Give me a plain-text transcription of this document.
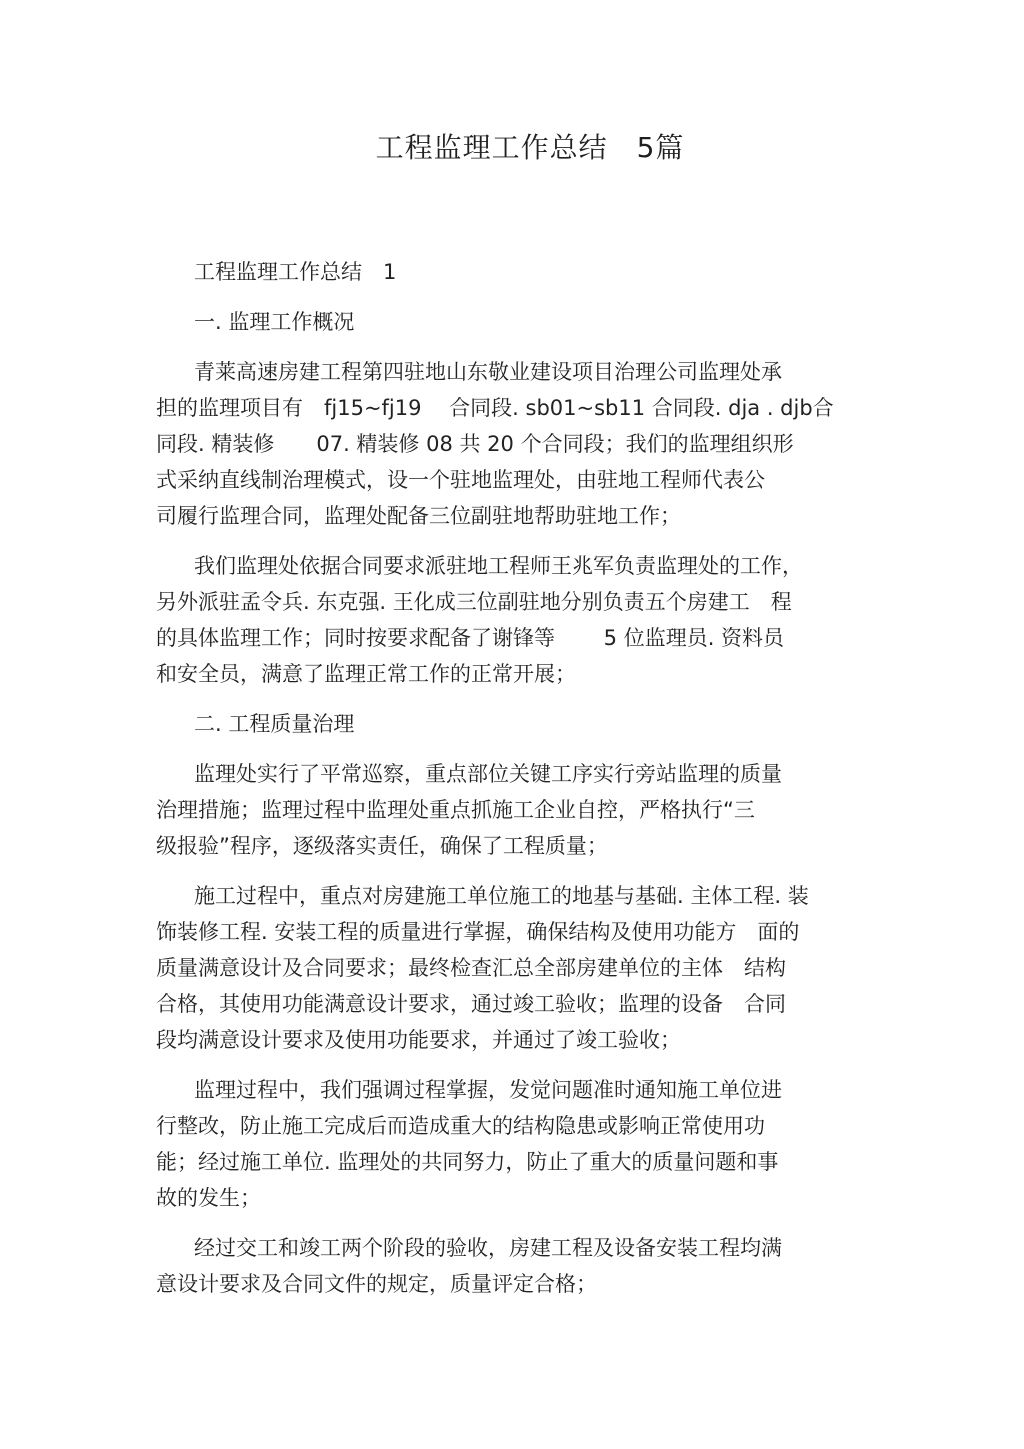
工程监理工作总结　5篇
工程监理工作总结　1
一. 监理工作概况
青莱高速房建工程第四驻地山东敬业建设项目治理公司监理处承
担的监理项目有　fj15~fj19　 合同段. sb01~sb11 合同段. dja . djb合
同段. 精装修　　07. 精装修 08 共 20 个合同段；我们的监理组织形
式采纳直线制治理模式，设一个驻地监理处，由驻地工程师代表公
司履行监理合同，监理处配备三位副驻地帮助驻地工作；
我们监理处依据合同要求派驻地工程师王兆军负责监理处的工作，
另外派驻孟令兵. 东克强. 王化成三位副驻地分别负责五个房建工　程
的具体监理工作；同时按要求配备了谢锋等　　 5 位监理员. 资料员
和安全员，满意了监理正常工作的正常开展；
二. 工程质量治理
监理处实行了平常巡察，重点部位关键工序实行旁站监理的质量
治理措施；监理过程中监理处重点抓施工企业自控，严格执行“三
级报验”程序，逐级落实责任，确保了工程质量；
施工过程中，重点对房建施工单位施工的地基与基础. 主体工程. 装
饰装修工程. 安装工程的质量进行掌握，确保结构及使用功能方　面的
质量满意设计及合同要求；最终检查汇总全部房建单位的主体　结构
合格，其使用功能满意设计要求，通过竣工验收；监理的设备　合同
段均满意设计要求及使用功能要求，并通过了竣工验收；
监理过程中，我们强调过程掌握，发觉问题准时通知施工单位进
行整改，防止施工完成后而造成重大的结构隐患或影响正常使用功
能；经过施工单位. 监理处的共同努力，防止了重大的质量问题和事
故的发生；
经过交工和竣工两个阶段的验收，房建工程及设备安装工程均满
意设计要求及合同文件的规定，质量评定合格；
